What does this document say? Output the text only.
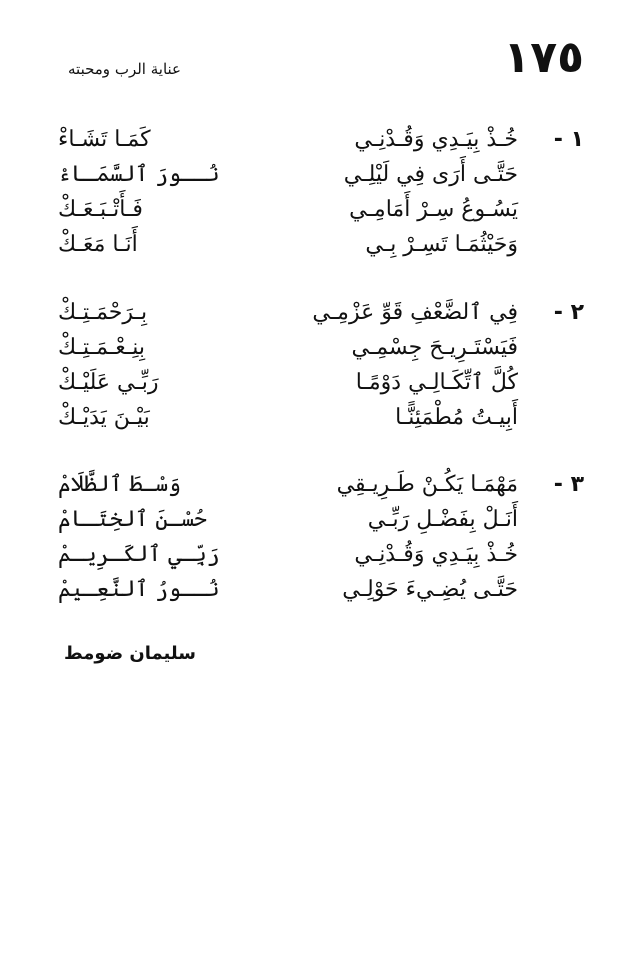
١٧٥
عناية الرب ومحبته
١ -
خُـذْ بِيَـدِي وَقُـدْنِـي
كَمَـا تَشَـاءْ
حَتَّـى أَرَى فِي لَيْلِـي
نُــورَ ٱلسَّمَـاءْ
يَسُـوعُ سِـرْ أَمَامِـي
فَـأَتْـبَـعَـكْ
وَحَيْثُمَـا تَسِـرْ بِـي
أَنَـا مَعَـكْ
٢ -
فِي ٱلضَّعْفِ قَوِّ عَزْمِـي
بِـرَحْمَـتِـكْ
فَيَسْتَـرِيـحَ جِسْمِـي
بِنِـعْـمَـتِـكْ
كُلَّ ٱتِّكَـالِـي دَوْمًـا
رَبِّـي عَلَيْـكْ
أَبِيـتُ مُطْمَئِنًّـا
بَيْـنَ يَدَيْـكْ
٣ -
مَهْمَـا يَكُـنْ طَـرِيـقِي
وَسْـطَ ٱلظَّلَامْ
أَنَـلْ بِفَضْـلِ رَبِّـي
حُسْـنَ ٱلخِتَـامْ
خُـذْ بِيَـدِي وَقُـدْنِـي
رَبِّـي ٱلكَـرِيـمْ
حَتَّـى يُضِـيءَ حَوْلِـي
نُــورُ ٱلنَّعِـيمْ
سليمان ضومط
